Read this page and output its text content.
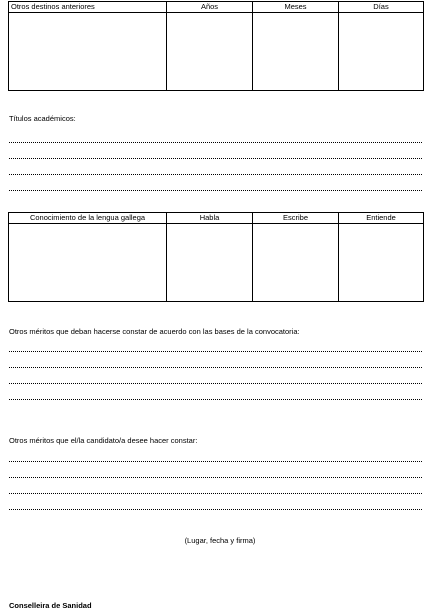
Otros destinos anteriores	Años	Meses	Días

Títulos académicos:
Conocimiento de la lengua gallega	Habla	Escribe	Entiende

Otros méritos que deban hacerse constar de acuerdo con las bases de la convocatoria:
Otros méritos que el/la candidato/a desee hacer constar:
(Lugar, fecha y firma)
Conselleira de Sanidad
